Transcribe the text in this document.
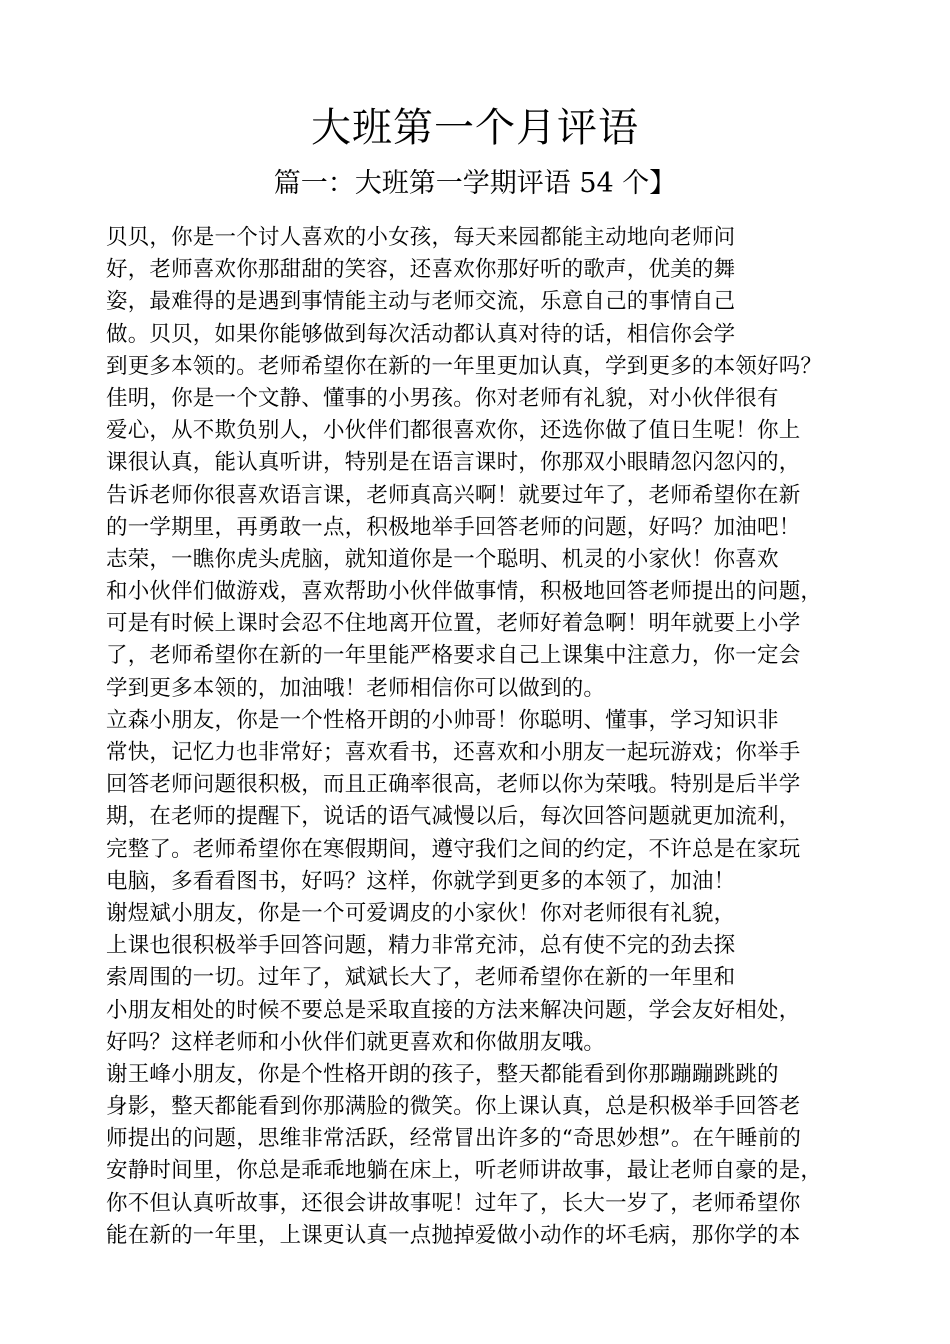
大班第一个月评语
篇一：大班第一学期评语 54 个】
贝贝，你是一个讨人喜欢的小女孩，每天来园都能主动地向老师问
好，老师喜欢你那甜甜的笑容，还喜欢你那好听的歌声，优美的舞
姿，最难得的是遇到事情能主动与老师交流，乐意自己的事情自己
做。贝贝，如果你能够做到每次活动都认真对待的话，相信你会学
到更多本领的。老师希望你在新的一年里更加认真，学到更多的本领好吗？
佳明，你是一个文静、懂事的小男孩。你对老师有礼貌，对小伙伴很有
爱心，从不欺负别人，小伙伴们都很喜欢你，还选你做了值日生呢！你上
课很认真，能认真听讲，特别是在语言课时，你那双小眼睛忽闪忽闪的，
告诉老师你很喜欢语言课，老师真高兴啊！就要过年了，老师希望你在新
的一学期里，再勇敢一点，积极地举手回答老师的问题，好吗？加油吧！
志荣，一瞧你虎头虎脑，就知道你是一个聪明、机灵的小家伙！你喜欢
和小伙伴们做游戏，喜欢帮助小伙伴做事情，积极地回答老师提出的问题，
可是有时候上课时会忍不住地离开位置，老师好着急啊！明年就要上小学
了，老师希望你在新的一年里能严格要求自己上课集中注意力，你一定会
学到更多本领的，加油哦！老师相信你可以做到的。
立森小朋友，你是一个性格开朗的小帅哥！你聪明、懂事，学习知识非
常快，记忆力也非常好；喜欢看书，还喜欢和小朋友一起玩游戏；你举手
回答老师问题很积极，而且正确率很高，老师以你为荣哦。特别是后半学
期，在老师的提醒下，说话的语气减慢以后，每次回答问题就更加流利，
完整了。老师希望你在寒假期间，遵守我们之间的约定，不许总是在家玩
电脑，多看看图书，好吗？这样，你就学到更多的本领了，加油！
谢煜斌小朋友，你是一个可爱调皮的小家伙！你对老师很有礼貌，
上课也很积极举手回答问题，精力非常充沛，总有使不完的劲去探
索周围的一切。过年了，斌斌长大了，老师希望你在新的一年里和
小朋友相处的时候不要总是采取直接的方法来解决问题，学会友好相处，
好吗？这样老师和小伙伴们就更喜欢和你做朋友哦。
谢王峰小朋友，你是个性格开朗的孩子，整天都能看到你那蹦蹦跳跳的
身影，整天都能看到你那满脸的微笑。你上课认真，总是积极举手回答老
师提出的问题，思维非常活跃，经常冒出许多的“奇思妙想”。在午睡前的
安静时间里，你总是乖乖地躺在床上，听老师讲故事，最让老师自豪的是，
你不但认真听故事，还很会讲故事呢！过年了，长大一岁了，老师希望你
能在新的一年里，上课更认真一点抛掉爱做小动作的坏毛病，那你学的本
